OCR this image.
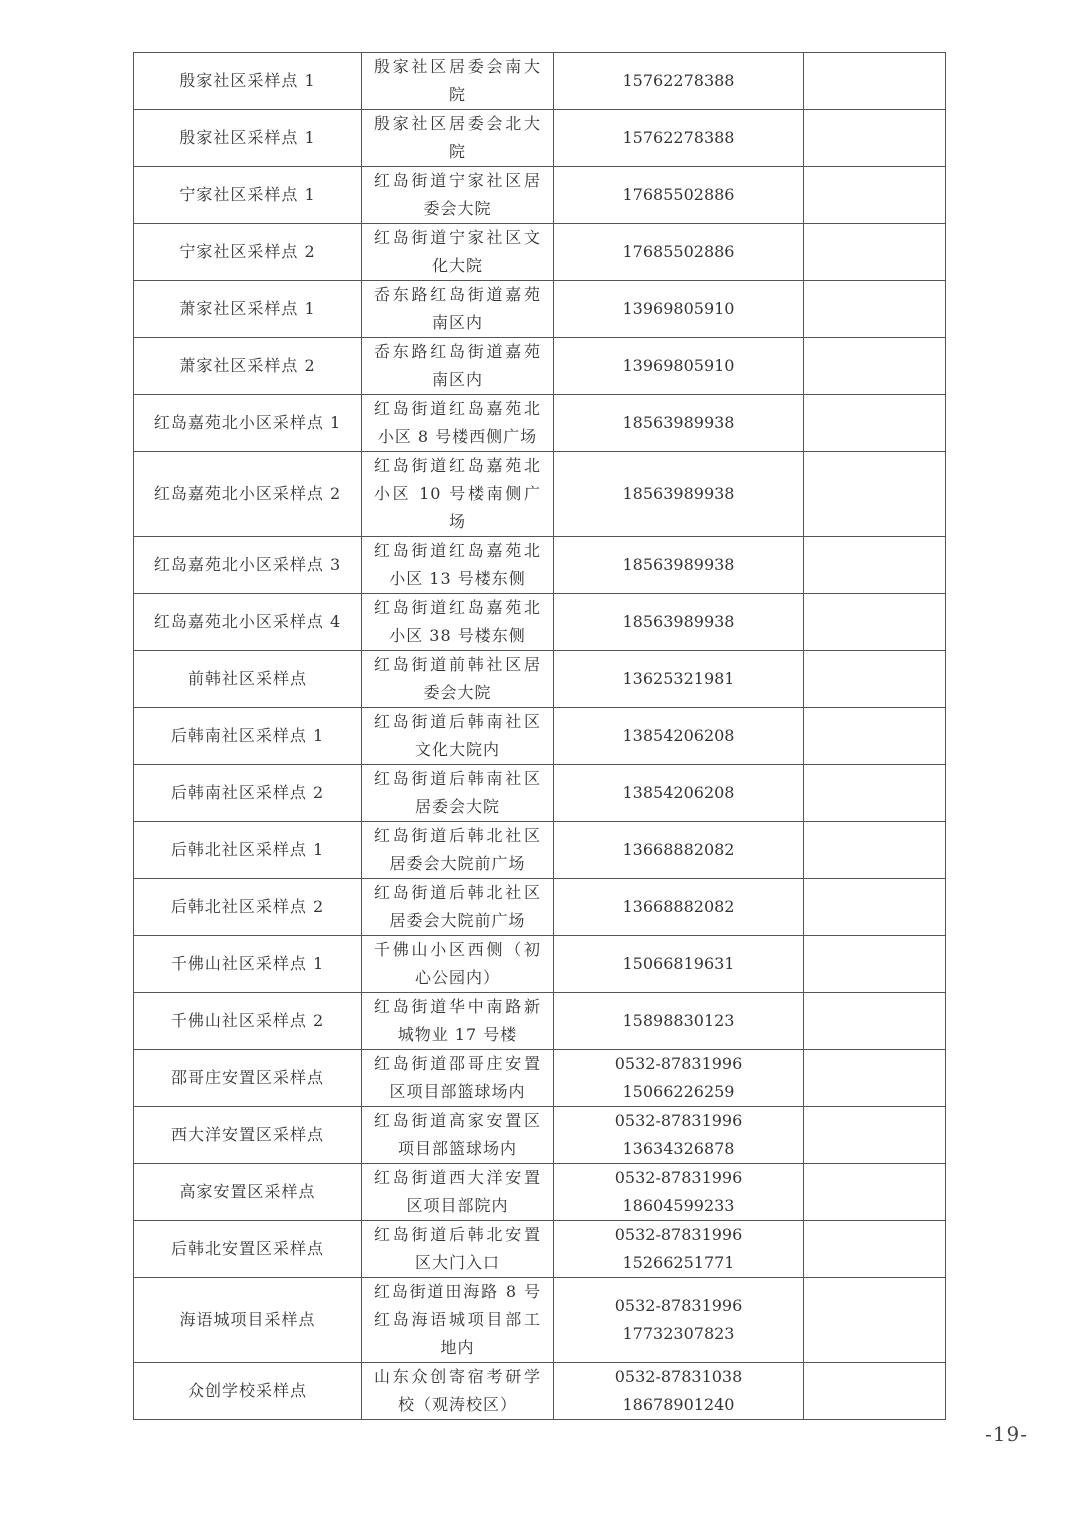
殷家社区采样点 1	殷家社区居委会南大院	15762278388	

殷家社区采样点 1	殷家社区居委会北大院	15762278388	

宁家社区采样点 1	红岛街道宁家社区居委会大院	17685502886	

宁家社区采样点 2	红岛街道宁家社区文化大院	17685502886	

萧家社区采样点 1	岙东路红岛街道嘉苑南区内	13969805910	

萧家社区采样点 2	岙东路红岛街道嘉苑南区内	13969805910	

红岛嘉苑北小区采样点 1	红岛街道红岛嘉苑北小区 8 号楼西侧广场	18563989938	

红岛嘉苑北小区采样点 2	红岛街道红岛嘉苑北小区 10 号楼南侧广场	18563989938	

红岛嘉苑北小区采样点 3	红岛街道红岛嘉苑北小区 13 号楼东侧	18563989938	

红岛嘉苑北小区采样点 4	红岛街道红岛嘉苑北小区 38 号楼东侧	18563989938	

前韩社区采样点	红岛街道前韩社区居委会大院	13625321981	

后韩南社区采样点 1	红岛街道后韩南社区文化大院内	13854206208	

后韩南社区采样点 2	红岛街道后韩南社区居委会大院	13854206208	

后韩北社区采样点 1	红岛街道后韩北社区居委会大院前广场	13668882082	

后韩北社区采样点 2	红岛街道后韩北社区居委会大院前广场	13668882082	

千佛山社区采样点 1	千佛山小区西侧（初心公园内）	15066819631	

千佛山社区采样点 2	红岛街道华中南路新城物业 17 号楼	15898830123	

邵哥庄安置区采样点	红岛街道邵哥庄安置区项目部篮球场内	0532-87831996
15066226259	

西大洋安置区采样点	红岛街道高家安置区项目部篮球场内	0532-87831996
13634326878	

高家安置区采样点	红岛街道西大洋安置区项目部院内	0532-87831996
18604599233	

后韩北安置区采样点	红岛街道后韩北安置区大门入口	0532-87831996
15266251771	

海语城项目采样点	红岛街道田海路 8 号红岛海语城项目部工地内	0532-87831996
17732307823	

众创学校采样点	山东众创寄宿考研学校（观涛校区）	0532-87831038
18678901240	

-19-
